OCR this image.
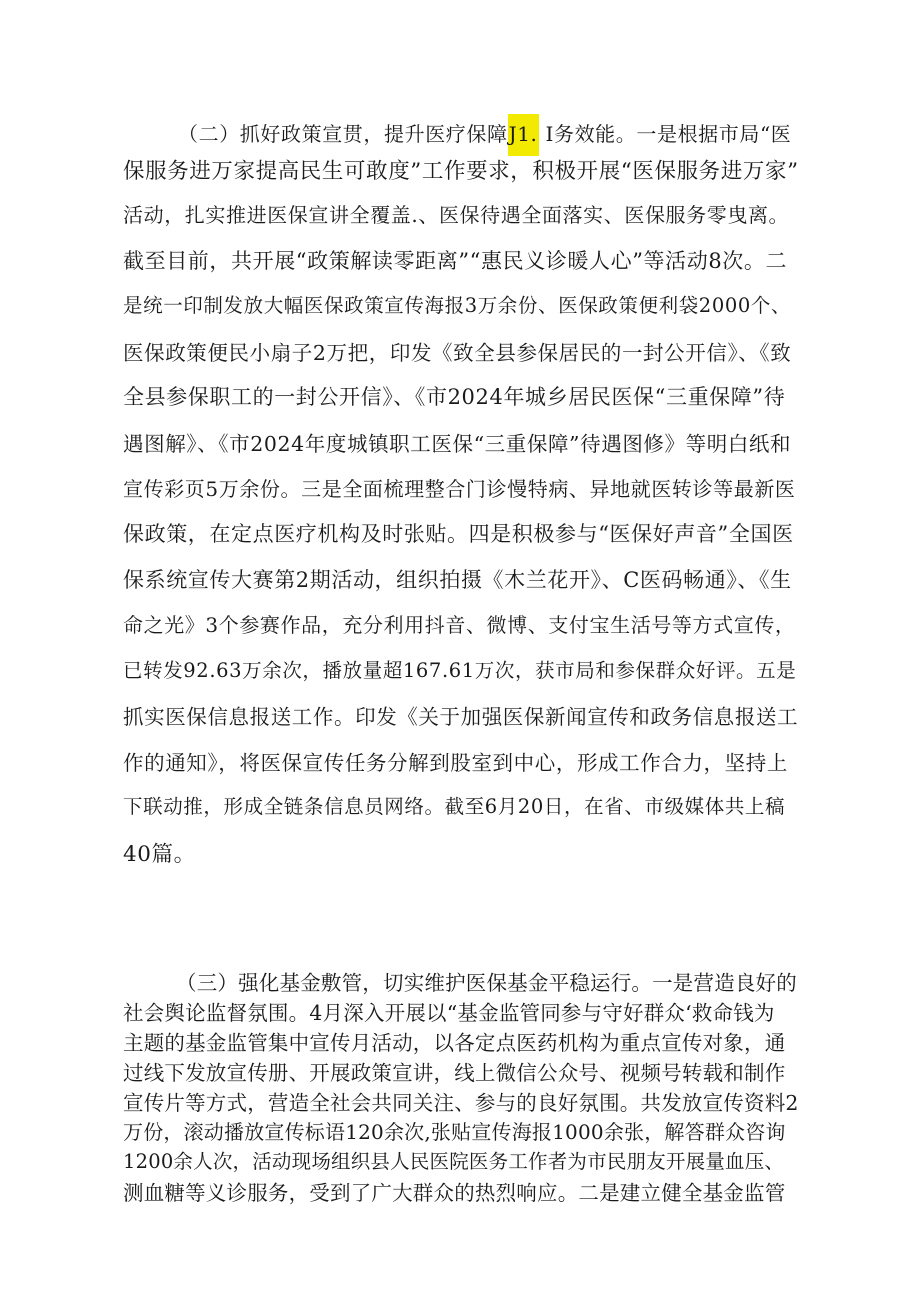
（二）抓好政策宣贯，提升医疗保障J1. I务效能。一是根据市局“医
保服务进万家提高民生可敢度”工作要求，积极开展“医保服务进万家”
活动，扎实推进医保宣讲全覆盖.、医保待遇全面落实、医保服务零曳离。
截至目前，共开展“政策解读零距离”“惠民义诊暖人心”等活动8次。二
是统一印制发放大幅医保政策宣传海报3万余份、医保政策便利袋2000个、
医保政策便民小扇子2万把，印发《致全县参保居民的一封公开信》、《致
全县参保职工的一封公开信》、《市2024年城乡居民医保“三重保障”待
遇图解》、《市2024年度城镇职工医保“三重保障”待遇图修》等明白纸和
宣传彩页5万余份。三是全面梳理整合门诊慢特病、异地就医转诊等最新医
保政策，在定点医疗机构及时张贴。四是积极参与“医保好声音”全国医
保系统宣传大赛第2期活动，组织拍摄《木兰花开》、C医码畅通》、《生
命之光》3个参赛作品，充分利用抖音、微博、支付宝生活号等方式宣传，
已转发92.63万余次，播放量超167.61万次，获市局和参保群众好评。五是
抓实医保信息报送工作。印发《关于加强医保新闻宣传和政务信息报送工
作的通知》，将医保宣传任务分解到股室到中心，形成工作合力，坚持上
下联动推，形成全链条信息员网络。截至6月20日，在省、市级媒体共上稿
40篇。
（三）强化基金敷管，切实维护医保基金平稳运行。一是营造良好的
社会舆论监督氛围。4月深入开展以“基金监管同参与守好群众‘救命钱为
主题的基金监管集中宣传月活动，以各定点医药机构为重点宣传对象，通
过线下发放宣传册、开展政策宣讲，线上微信公众号、视频号转载和制作
宣传片等方式，营造全社会共同关注、参与的良好氛围。共发放宣传资料2
万份，滚动播放宣传标语120余次,张贴宣传海报1000余张，解答群众咨询
1200余人次，活动现场组织县人民医院医务工作者为市民朋友开展量血压、
测血糖等义诊服务，受到了广大群众的热烈响应。二是建立健全基金监管
